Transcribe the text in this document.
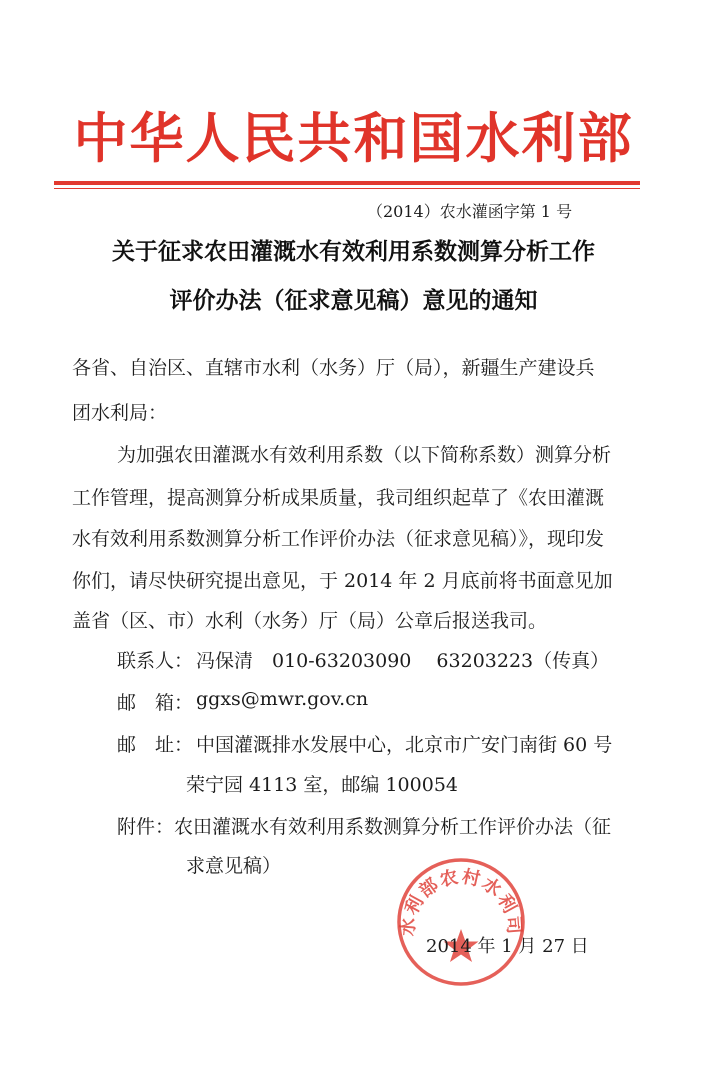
中华人民共和国水利部
（2014）农水灌函字第 1 号
关于征求农田灌溉水有效利用系数测算分析工作
评价办法（征求意见稿）意见的通知
各省、自治区、直辖市水利（水务）厅（局），新疆生产建设兵
团水利局：
为加强农田灌溉水有效利用系数（以下简称系数）测算分析
工作管理，提高测算分析成果质量，我司组织起草了《农田灌溉
水有效利用系数测算分析工作评价办法（征求意见稿）》，现印发
你们，请尽快研究提出意见，于 2014 年 2 月底前将书面意见加
盖省（区、市）水利（水务）厅（局）公章后报送我司。
联系人： 冯保清　010-63203090　 63203223（传真）
邮　箱： ggxs@mwr.gov.cn
邮　址： 中国灌溉排水发展中心，北京市广安门南街 60 号
荣宁园 4113 室，邮编 100054
附件：农田灌溉水有效利用系数测算分析工作评价办法（征
求意见稿）
水利部农村水利司
2014 年 1 月 27 日
